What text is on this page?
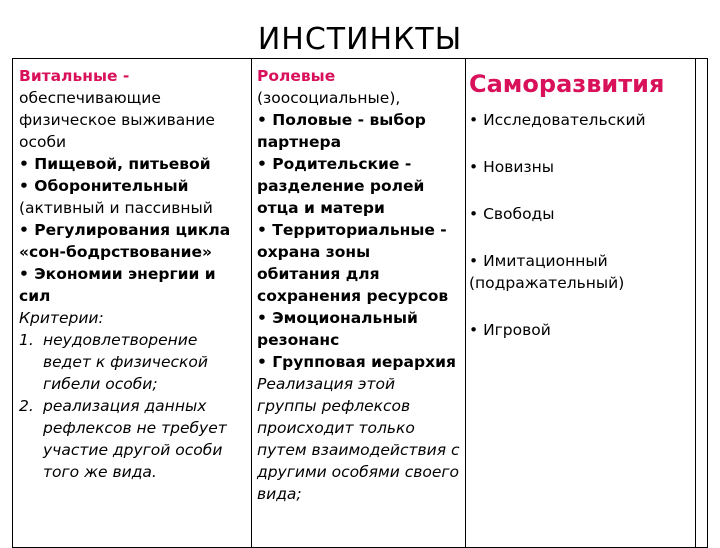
ИНСТИНКТЫ
Витальные -
обеспечивающие
физическое выживание
особи
• Пищевой, питьевой
• Оборонительный
(активный и пассивный
• Регулирования цикла
«сон-бодрствование»
• Экономии энергии и
сил
Критерии:
1. неудовлетворение
ведет к физической
гибели особи;
2. реализация данных
рефлексов не требует
участие другой особи
того же вида.
Ролевые
(зоосоциальные),
• Половые - выбор
партнера
• Родительские -
разделение ролей
отца и матери
• Территориальные -
охрана зоны
обитания для
сохранения ресурсов
• Эмоциональный
резонанс
• Групповая иерархия
Реализация этой
группы рефлексов
происходит только
путем взаимодействия с
другими особями своего
вида;
Саморазвития
• Исследовательский
• Новизны
• Свободы
• Имитационный
(подражательный)
• Игровой
